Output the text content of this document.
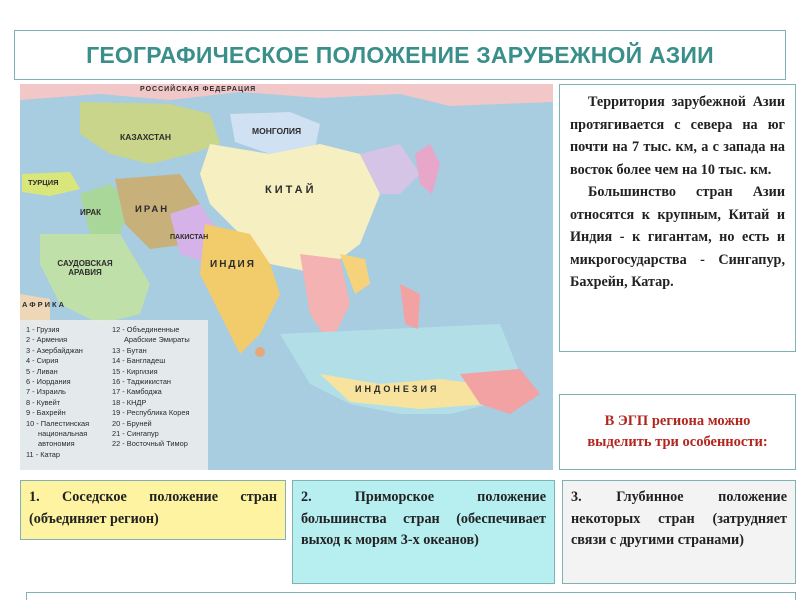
ГЕОГРАФИЧЕСКОЕ ПОЛОЖЕНИЕ ЗАРУБЕЖНОЙ АЗИИ
РОССИЙСКАЯ ФЕДЕРАЦИЯ
КАЗАХСТАН
МОНГОЛИЯ
КИТАЙ
ТУРЦИЯ
ИРАК	ИРАН
САУДОВСКАЯ АРАВИЯ
ИНДИЯ
АФРИКА
ИНДОНЕЗИЯ
ПАКИСТАН
1 - Грузия
2 - Армения
3 - Азербайджан
4 - Сирия
5 - Ливан
6 - Иордания
7 - Израиль
8 - Кувейт
9 - Бахрейн
10 - Палестинская
национальная
автономия
11 - Катар
12 - Объединенные
Арабские Эмираты
13 - Бутан
14 - Бангладеш
15 - Киргизия
16 - Таджикистан
17 - Камбоджа
18 - КНДР
19 - Республика Корея
20 - Бруней
21 - Сингапур
22 - Восточный Тимор

Территория зарубежной Азии протягивается с севера на юг почти на 7 тыс. км, а с запада на восток более чем на 10 тыс. км.

Большинство стран Азии относятся к крупным, Китай и Индия - к гигантам, но есть и микрогосударства - Сингапур, Бахрейн, Катар.

В ЭГП региона можно выделить три особенности:
1. Соседское положение стран (объединяет регион)
2. Приморское положение большинства стран (обеспечивает выход к морям 3-х океанов)
3. Глубинное положение некоторых стран (затрудняет связи с другими странами)
